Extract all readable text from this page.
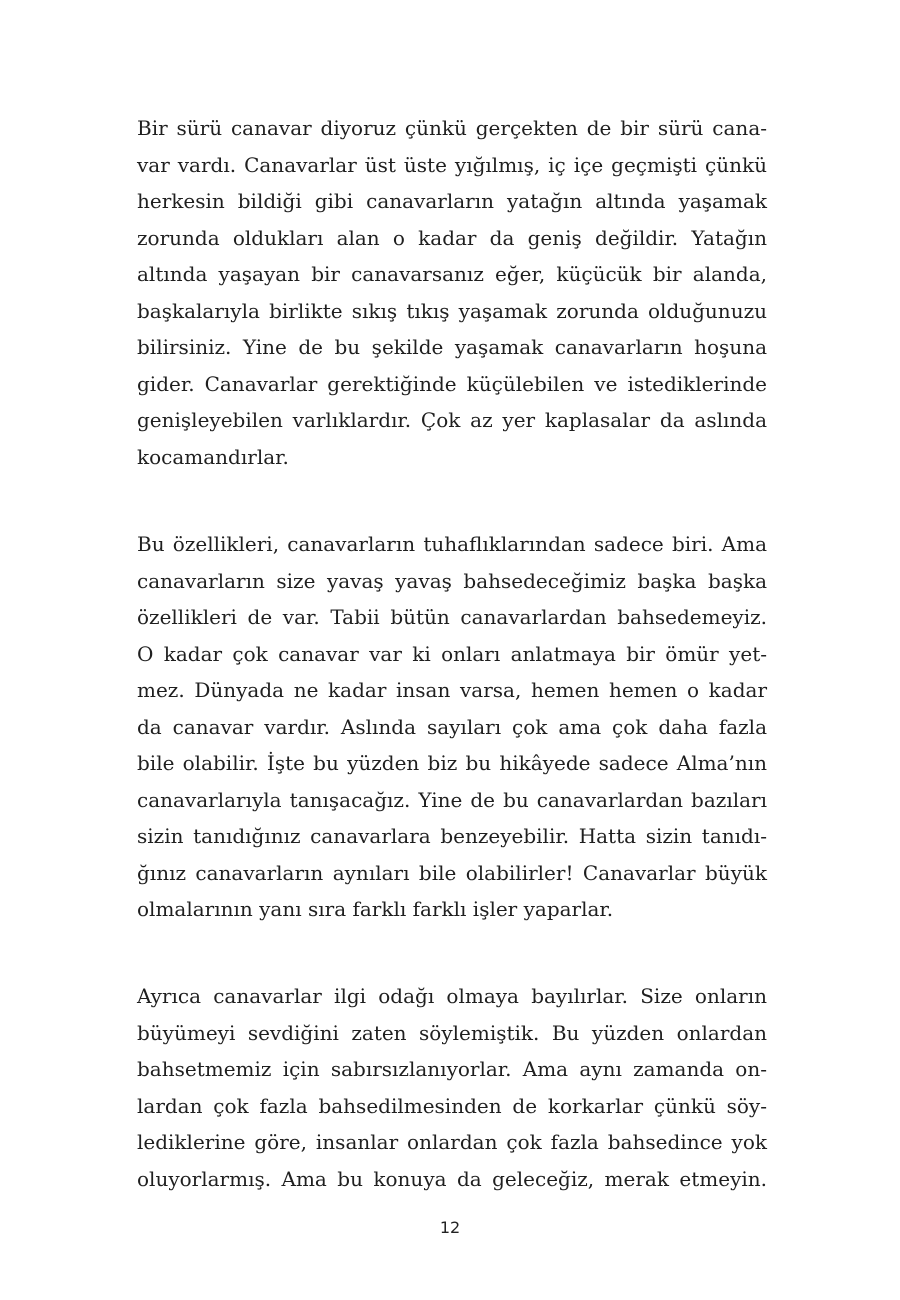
Bir sürü canavar diyoruz çünkü gerçekten de bir sürü cana-
var vardı. Canavarlar üst üste yığılmış, iç içe geçmişti çünkü
herkesin bildiği gibi canavarların yatağın altında yaşamak
zorunda oldukları alan o kadar da geniş değildir. Yatağın
altında yaşayan bir canavarsanız eğer, küçücük bir alanda,
başkalarıyla birlikte sıkış tıkış yaşamak zorunda olduğunuzu
bilirsiniz. Yine de bu şekilde yaşamak canavarların hoşuna
gider. Canavarlar gerektiğinde küçülebilen ve istediklerinde
genişleyebilen varlıklardır. Çok az yer kaplasalar da aslında
kocamandırlar.
Bu özellikleri, canavarların tuhaflıklarından sadece biri. Ama
canavarların size yavaş yavaş bahsedeceğimiz başka başka
özellikleri de var. Tabii bütün canavarlardan bahsedemeyiz.
O kadar çok canavar var ki onları anlatmaya bir ömür yet-
mez. Dünyada ne kadar insan varsa, hemen hemen o kadar
da canavar vardır. Aslında sayıları çok ama çok daha fazla
bile olabilir. İşte bu yüzden biz bu hikâyede sadece Alma’nın
canavarlarıyla tanışacağız. Yine de bu canavarlardan bazıları
sizin tanıdığınız canavarlara benzeyebilir. Hatta sizin tanıdı-
ğınız canavarların aynıları bile olabilirler! Canavarlar büyük
olmalarının yanı sıra farklı farklı işler yaparlar.
Ayrıca canavarlar ilgi odağı olmaya bayılırlar. Size onların
büyümeyi sevdiğini zaten söylemiştik. Bu yüzden onlardan
bahsetmemiz için sabırsızlanıyorlar. Ama aynı zamanda on-
lardan çok fazla bahsedilmesinden de korkarlar çünkü söy-
lediklerine göre, insanlar onlardan çok fazla bahsedince yok
oluyorlarmış. Ama bu konuya da geleceğiz, merak etmeyin.
12
